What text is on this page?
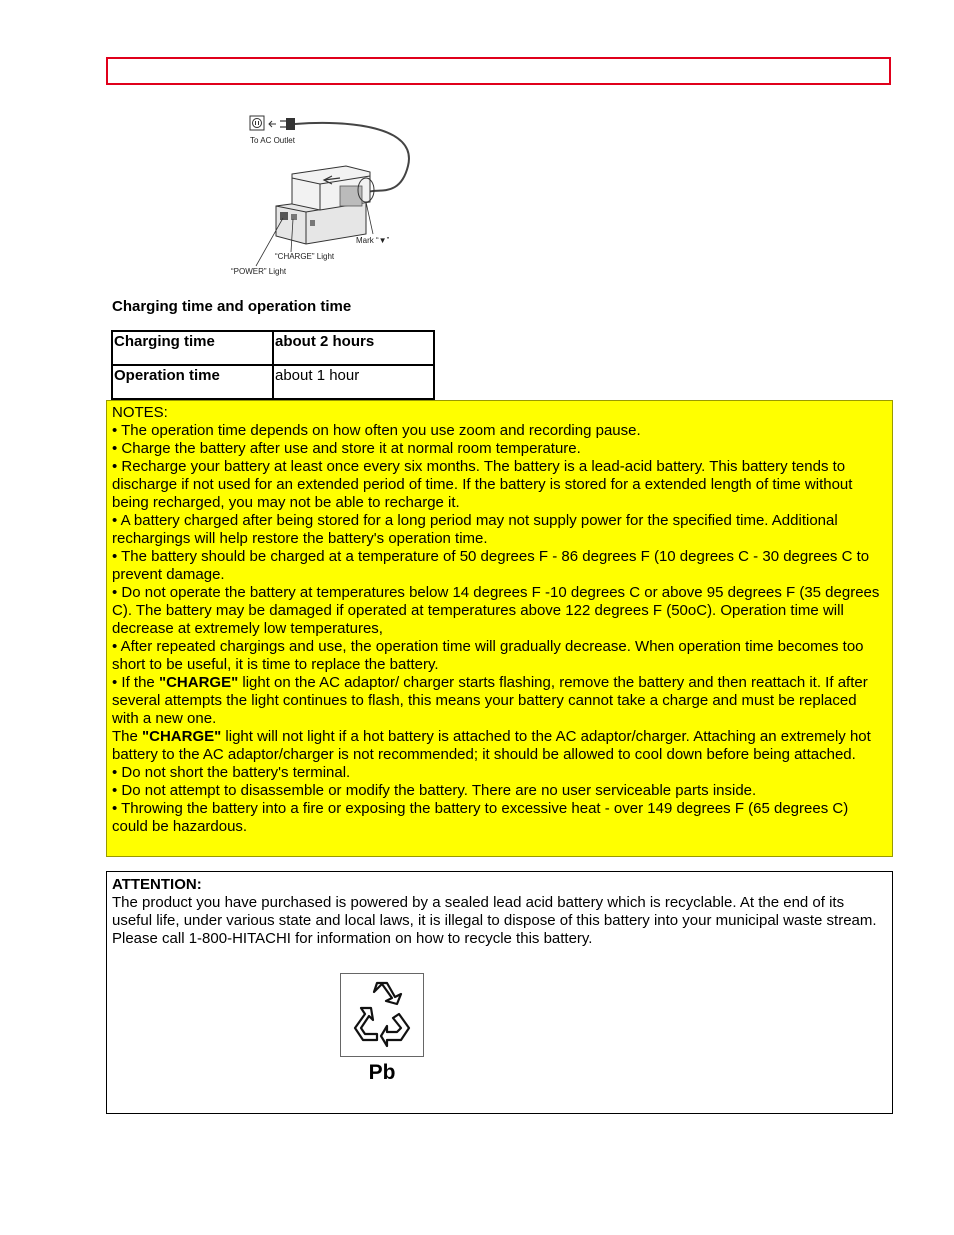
To AC Outlet
Mark “▼”
“CHARGE” Light
“POWER” Light
Charging time and operation time
Charging time	about 2 hours
Operation time	about 1 hour

NOTES:

• The operation time depends on how often you use zoom and recording pause.

• Charge the battery after use and store it at normal room temperature.

• Recharge your battery at least once every six months. The battery is a lead-acid battery. This battery tends to discharge if not used for an extended period of time. If the battery is stored for a extended length of time without being recharged, you may not be able to recharge it.

• A battery charged after being stored for a long period may not supply power for the specified time. Additional rechargings will help restore the battery's operation time.

• The battery should be charged at a temperature of 50 degrees F - 86 degrees F (10 degrees C - 30 degrees C to prevent damage.

• Do not operate the battery at temperatures below 14 degrees F -10 degrees C or above 95 degrees F (35 degrees C). The battery may be damaged if operated at temperatures above 122 degrees F (50oC). Operation time will decrease at extremely low temperatures,

• After repeated chargings and use, the operation time will gradually decrease. When operation time becomes too short to be useful, it is time to replace the battery.

• If the "CHARGE" light on the AC adaptor/ charger starts flashing, remove the battery and then reattach it. If after several attempts the light continues to flash, this means your battery cannot take a charge and must be replaced with a new one.

The "CHARGE" light will not light if a hot battery is attached to the AC adaptor/charger. Attaching an extremely hot battery to the AC adaptor/charger is not recommended; it should be allowed to cool down before being attached.

• Do not short the battery's terminal.

• Do not attempt to disassemble or modify the battery. There are no user serviceable parts inside.

• Throwing the battery into a fire or exposing the battery to excessive heat - over 149 degrees F (65 degrees C) could be hazardous.

ATTENTION:

The product you have purchased is powered by a sealed lead acid battery which is recyclable. At the end of its useful life, under various state and local laws, it is illegal to dispose of this battery into your municipal waste stream.

Please call 1-800-HITACHI for information on how to recycle this battery.

Pb
